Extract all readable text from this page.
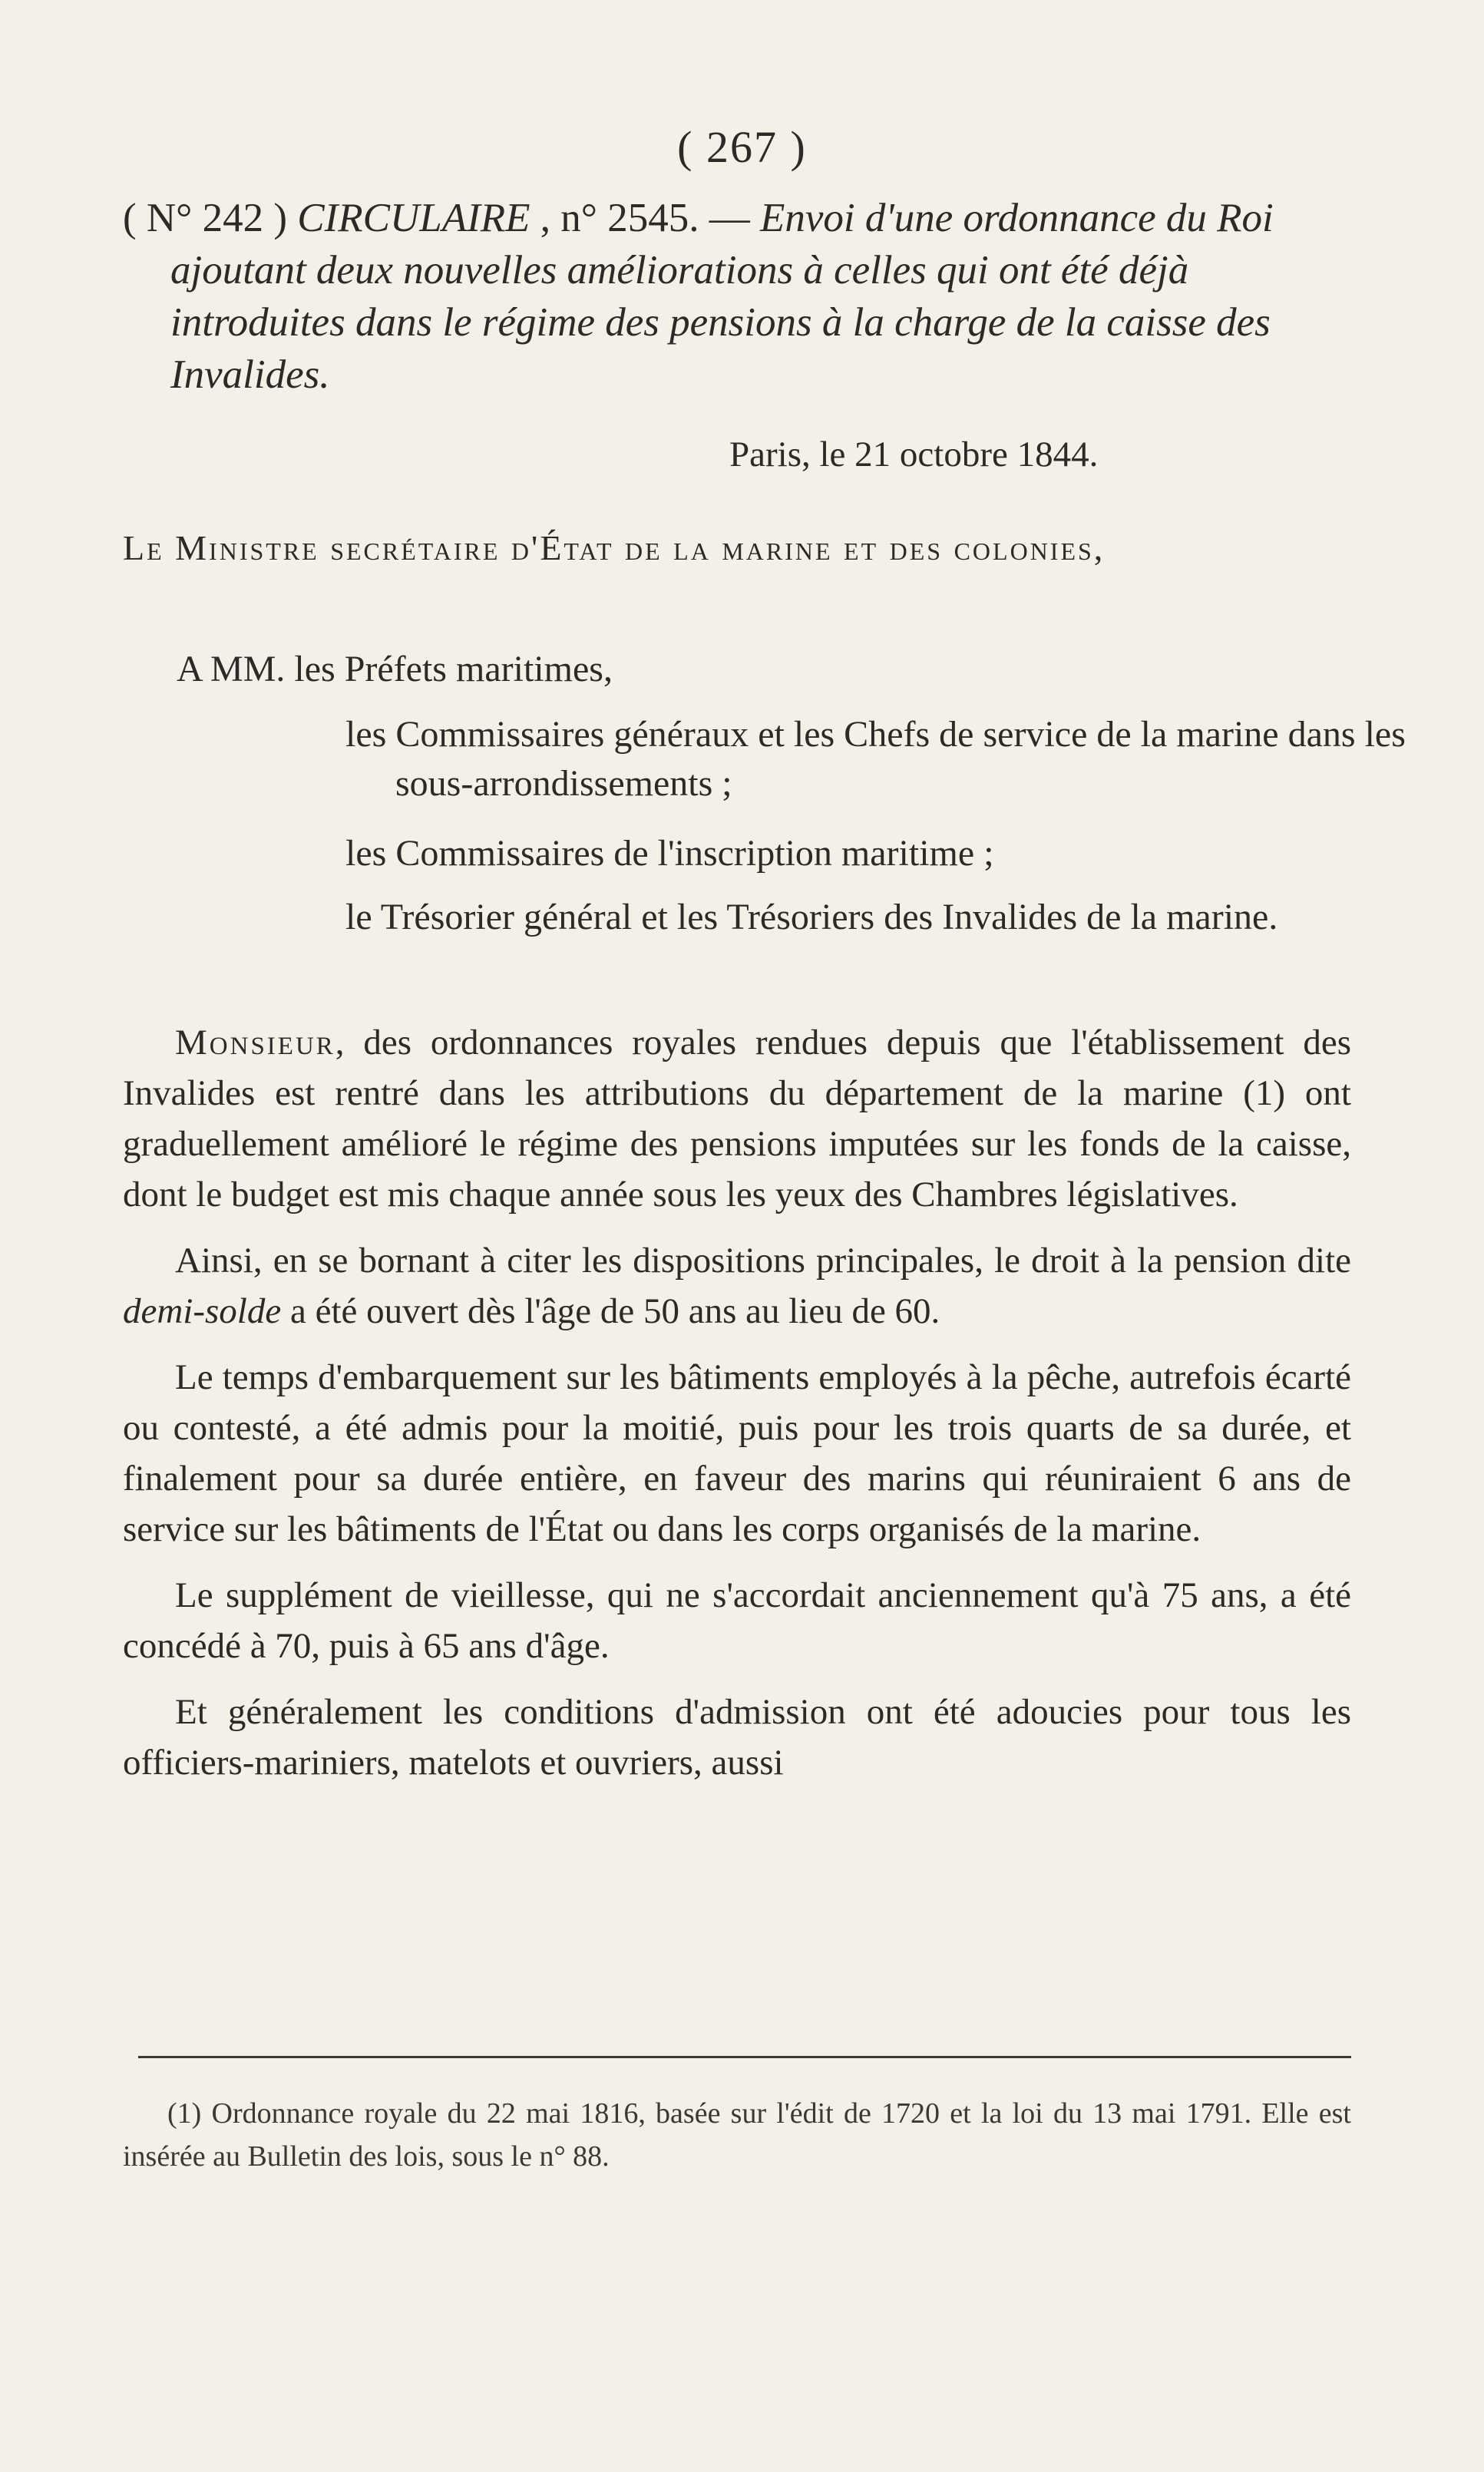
( 267 )
( N° 242 ) CIRCULAIRE , n° 2545. — Envoi d'une ordonnance du Roi ajoutant deux nouvelles améliorations à celles qui ont été déjà introduites dans le régime des pensions à la charge de la caisse des Invalides.
Paris, le 21 octobre 1844.
Le Ministre secrétaire d'État de la marine et des colonies,
A MM. les Préfets maritimes,
les Commissaires généraux et les Chefs de service de la marine dans les sous-arrondissements ;
les Commissaires de l'inscription maritime ;
le Trésorier général et les Trésoriers des Invalides de la marine.

Monsieur, des ordonnances royales rendues depuis que l'établissement des Invalides est rentré dans les attributions du département de la marine (1) ont graduellement amélioré le régime des pensions imputées sur les fonds de la caisse, dont le budget est mis chaque année sous les yeux des Chambres législatives.

Ainsi, en se bornant à citer les dispositions principales, le droit à la pension dite demi-solde a été ouvert dès l'âge de 50 ans au lieu de 60.

Le temps d'embarquement sur les bâtiments employés à la pêche, autrefois écarté ou contesté, a été admis pour la moitié, puis pour les trois quarts de sa durée, et finalement pour sa durée entière, en faveur des marins qui réuniraient 6 ans de service sur les bâtiments de l'État ou dans les corps organisés de la marine.

Le supplément de vieillesse, qui ne s'accordait anciennement qu'à 75 ans, a été concédé à 70, puis à 65 ans d'âge.

Et généralement les conditions d'admission ont été adoucies pour tous les officiers-mariniers, matelots et ouvriers, aussi

(1) Ordonnance royale du 22 mai 1816, basée sur l'édit de 1720 et la loi du 13 mai 1791. Elle est insérée au Bulletin des lois, sous le n° 88.
